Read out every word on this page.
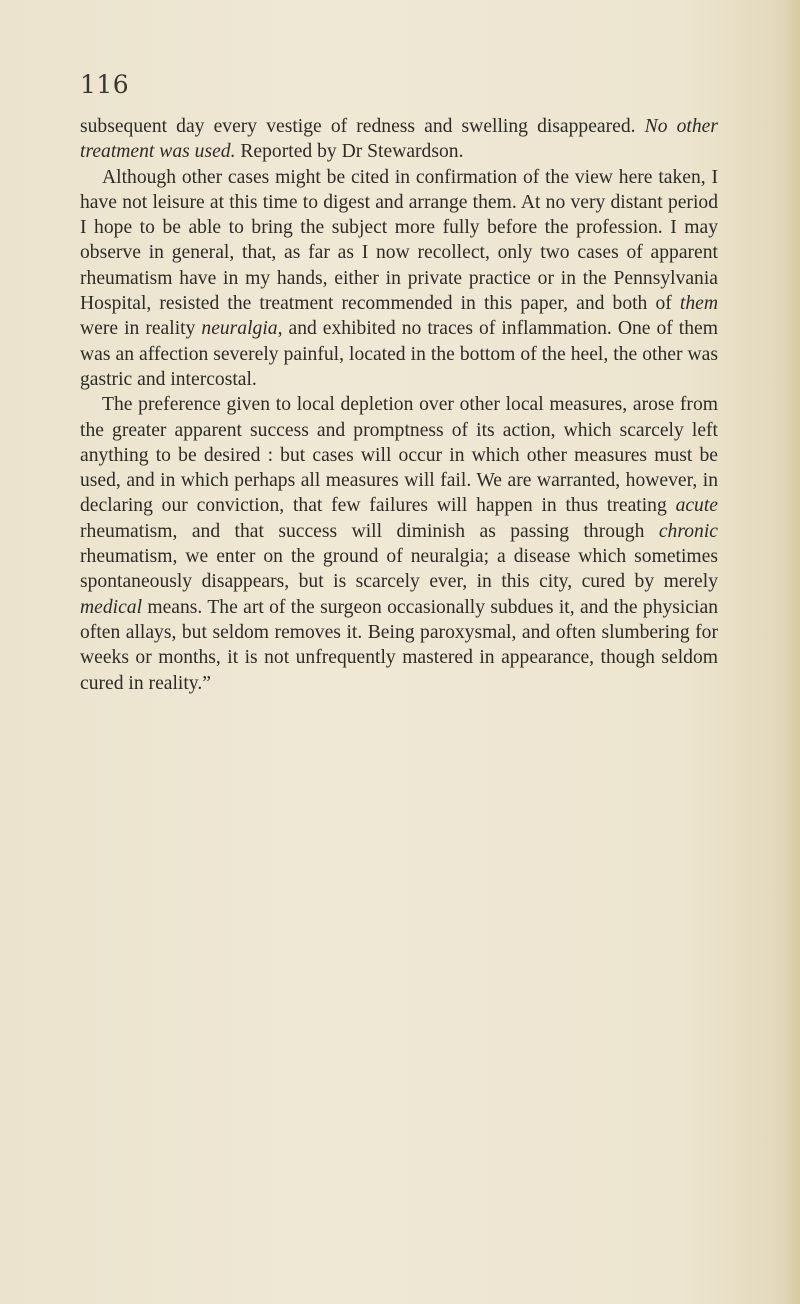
116

subsequent day every vestige of redness and swelling disappeared. No other treatment was used. Reported by Dr Stewardson.

Although other cases might be cited in confirmation of the view here taken, I have not leisure at this time to digest and arrange them. At no very distant period I hope to be able to bring the subject more fully before the profession. I may observe in general, that, as far as I now recollect, only two cases of apparent rheumatism have in my hands, either in private practice or in the Pennsylvania Hospital, resisted the treatment recommended in this paper, and both of them were in reality neuralgia, and exhibited no traces of inflammation. One of them was an affection severely painful, located in the bottom of the heel, the other was gastric and intercostal.

The preference given to local depletion over other local measures, arose from the greater apparent success and promptness of its action, which scarcely left anything to be desired : but cases will occur in which other measures must be used, and in which perhaps all measures will fail. We are warranted, however, in declaring our conviction, that few failures will happen in thus treating acute rheumatism, and that success will diminish as passing through chronic rheumatism, we enter on the ground of neuralgia; a disease which sometimes spontaneously disappears, but is scarcely ever, in this city, cured by merely medical means. The art of the surgeon occasionally subdues it, and the physician often allays, but seldom removes it. Being paroxysmal, and often slumbering for weeks or months, it is not unfrequently mastered in appearance, though seldom cured in reality.”
